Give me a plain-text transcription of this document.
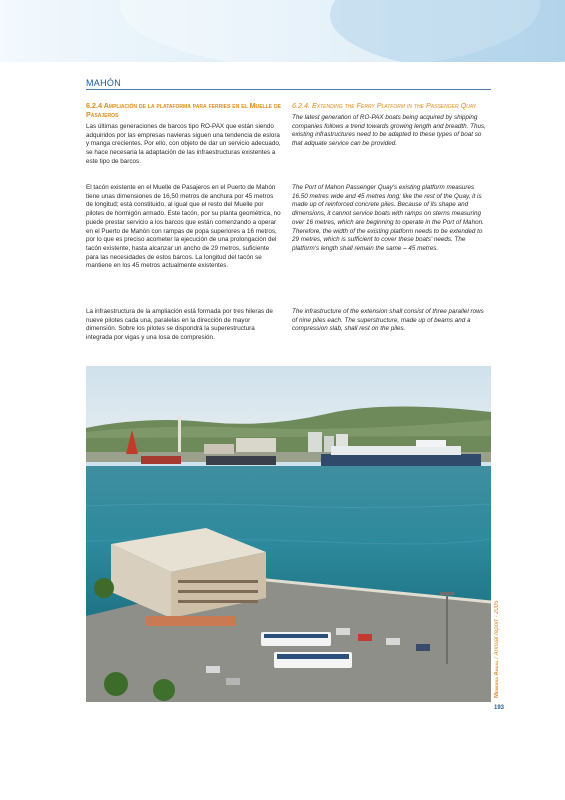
MAHÓN

6.2.4 Ampliación de la plataforma para ferries en el Muelle de Pasajeros

Las últimas generaciones de barcos tipo RO-PAX que están siendo adquiridos por las empresas navieras siguen una tendencia de eslora y manga crecientes. Por ello, con objeto de dar un servicio adecuado, se hace necesaria la adaptación de las infraestructuras existentes a este tipo de barcos.

El tacón existente en el Muelle de Pasajeros en el Puerto de Mahón tiene unas dimensiones de 16,50 metros de anchura por 45 metros de longitud; está constituido, al igual que el resto del Muelle por pilotes de hormigón armado. Este tacón, por su planta geométrica, no puede prestar servicio a los barcos que están comenzando a operar en el Puerto de Mahón con rampas de popa superiores a 16 metros, por lo que es preciso acometer la ejecución de una prolongación del tacón existente, hasta alcanzar un ancho de 29 metros, suficiente para las necesidades de estos barcos. La longitud del tacón se mantiene en los 45 metros actualmente existentes.

La infraestructura de la ampliación está formada por tres hileras de nueve pilotes cada una, paralelas en la dirección de mayor dimensión. Sobre los pilotes se dispondrá la superestructura integrada por vigas y una losa de compresión.

6.2.4. Extending the Ferry Platform in the Passenger Quay

The latest generation of RO-PAX boats being acquired by shipping companies follows a trend towards growing length and breadth. Thus, existing infrastructures need to be adapted to these types of boat so that adquate service can be provided.

The Port of Mahon Passenger Quay's existing platform measures 16.50 metres wide and 45 metres long; like the rest of the Quay, it is made up of reinforced concrete piles. Because of its shape and dimensions, it cannot service boats with ramps on sterns measuring over 16 metres, which are beginning to operate in the Port of Mahon. Therefore, the width of the existing platform needs to be extended to 29 metres, which is sufficient to cover these boats' needs. The platform's length shall remain the same – 45 metres.

The infrastructure of the extension shall consist of three parallel rows of nine piles each. The superstructure, made up of beams and a compression slab, shall rest on the piles.

Memoria Anual / Annual report · 2005
193
